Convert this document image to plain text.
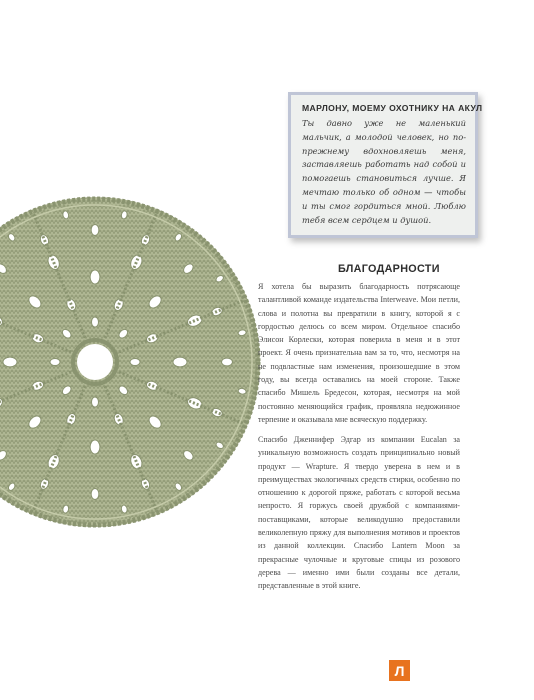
МАРЛОНУ, МОЕМУ ОХОТНИКУ НА АКУЛ

Ты давно уже не маленький мальчик, а молодой человек, но по-прежнему вдохновляешь меня, заставляешь работать над собой и помогаешь становиться лучше. Я мечтаю только об одном — чтобы и ты смог гордиться мной. Люблю тебя всем сердцем и душой.

БЛАГОДАРНОСТИ

Я хотела бы выразить благодарность потрясающе талантливой команде издательства Interweave. Мои петли, слова и полотна вы превратили в книгу, которой я с гордостью делюсь со всем миром. Отдельное спасибо Элисон Корлески, которая поверила в меня и в этот проект. Я очень признательна вам за то, что, несмотря на не подвластные нам изменения, произошедшие в этом году, вы всегда оставались на моей стороне. Также спасибо Мишель Бредесон, которая, несмотря на мой постоянно меняющийся график, проявляла недюжинное терпение и оказывала мне всяческую поддержку.

Спасибо Дженнифер Эдгар из компании Eucalan за уникальную возможность создать принципиально новый продукт — Wrapture. Я твердо уверена в нем и в преимуществах экологичных средств стирки, особенно по отношению к дорогой пряже, работать с которой весьма непросто. Я горжусь своей дружбой с компаниями-поставщиками, которые великодушно предоставили великолепную пряжу для выполнения мотивов и проектов из данной коллекции. Спасибо Lantern Moon за прекрасные чулочные и круговые спицы из розового дерева — именно ими были созданы все детали, представленные в этой книге.

Л
